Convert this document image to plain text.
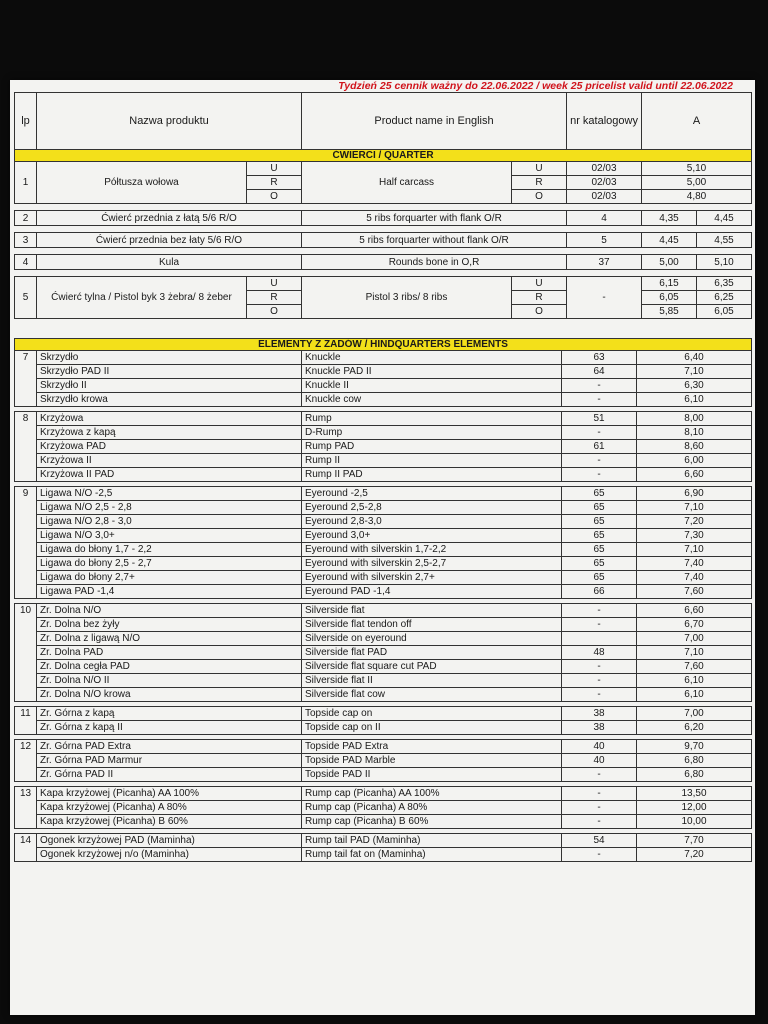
Tydzień 25 cennik ważny do 22.06.2022 / week 25 pricelist valid until 22.06.2022
lp	Nazwa produktu		Product name in English		nr katalogowy	A	
ĆWIERCI / QUARTER							
1	Półtusza wołowa	U	Half carcass	U	02/03	5,10	
		R		R	02/03	5,00	
		O		O	02/03	4,80	

2	Ćwierć przednia z łatą 5/6 R/O		5 ribs forquarter with flank O/R		4	4,35	4,45

3	Ćwierć przednia bez łaty 5/6 R/O		5 ribs forquarter without flank O/R		5	4,45	4,55

4	Kula		Rounds bone in O,R		37	5,00	5,10

5	Ćwierć tylna / Pistol byk 3 żebra/ 8 żeber	U	Pistol 3 ribs/ 8 ribs	U	-	6,15	6,35
		R		R		6,05	6,25
		O		O		5,85	6,05
ELEMENTY Z ZADÓW / HINDQUARTERS ELEMENTS				
7	Skrzydło	Knuckle	63	6,40
	Skrzydło PAD II	Knuckle PAD II	64	7,10
	Skrzydło II	Knuckle II	-	6,30
	Skrzydło krowa	Knuckle cow	-	6,10

8	Krzyżowa	Rump	51	8,00
	Krzyżowa z kapą	D-Rump	-	8,10
	Krzyżowa PAD	Rump PAD	61	8,60
	Krzyżowa II	Rump II	-	6,00
	Krzyżowa II PAD	Rump II PAD	-	6,60

9	Ligawa N/O -2,5	Eyeround -2,5	65	6,90
	Ligawa N/O 2,5 - 2,8	Eyeround 2,5-2,8	65	7,10
	Ligawa N/O 2,8 - 3,0	Eyeround 2,8-3,0	65	7,20
	Ligawa N/O 3,0+	Eyeround 3,0+	65	7,30
	Ligawa do błony 1,7 - 2,2	Eyeround with silverskin 1,7-2,2	65	7,10
	Ligawa do błony 2,5 - 2,7	Eyeround with silverskin 2,5-2,7	65	7,40
	Ligawa do błony 2,7+	Eyeround with silverskin 2,7+	65	7,40
	Ligawa PAD -1,4	Eyeround PAD -1,4	66	7,60

10	Zr. Dolna N/O	Silverside flat	-	6,60
	Zr. Dolna bez żyły	Silverside flat tendon off	-	6,70
	Zr. Dolna z ligawą N/O	Silverside on eyeround		7,00
	Zr. Dolna PAD	Silverside flat PAD	48	7,10
	Zr. Dolna cegła PAD	Silverside flat square cut PAD	-	7,60
	Zr. Dolna N/O II	Silverside flat II	-	6,10
	Zr. Dolna N/O krowa	Silverside flat cow	-	6,10

11	Zr. Górna z kapą	Topside cap on	38	7,00
	Zr. Górna z kapą II	Topside cap on II	38	6,20

12	Zr. Górna PAD Extra	Topside PAD Extra	40	9,70
	Zr. Górna PAD Marmur	Topside PAD Marble	40	6,80
	Zr. Górna PAD II	Topside PAD II	-	6,80

13	Kapa krzyżowej (Picanha) AA 100%	Rump cap (Picanha) AA 100%	-	13,50
	Kapa krzyżowej (Picanha) A 80%	Rump cap (Picanha) A 80%	-	12,00
	Kapa krzyżowej (Picanha) B 60%	Rump cap (Picanha) B 60%	-	10,00

14	Ogonek krzyżowej PAD (Maminha)	Rump tail PAD (Maminha)	54	7,70
	Ogonek krzyżowej n/o (Maminha)	Rump tail fat on (Maminha)	-	7,20
